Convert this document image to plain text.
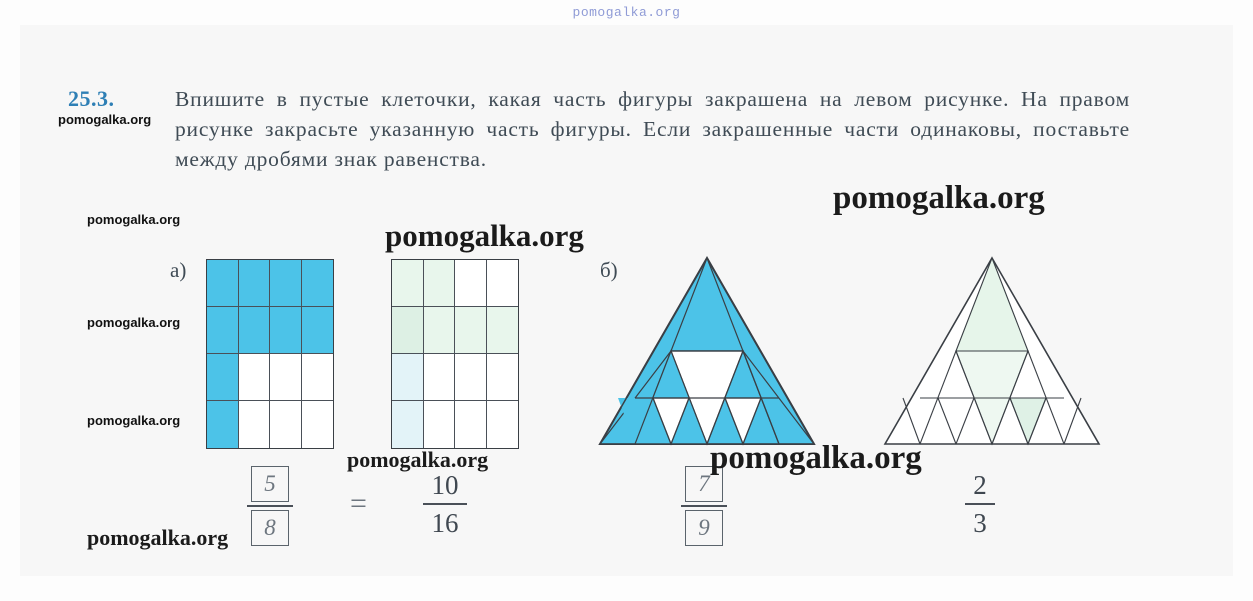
pomogalka.org
25.3.	Впишите в пустые клеточки, какая часть фигуры закрашена на левом рисунке. На правом рисунке закрасьте указанную часть фигуры. Если закрашенные части одинаковы, поставьте между дробями знак равенства.

а)	б)
$\frac{5}{8}$ =
10
16	$\frac{7}{9}$	2
3
pomogalka.org
pomogalka.org
pomogalka.org
pomogalka.org
pomogalka.org
pomogalka.org
pomogalka.org
pomogalka.org
pomogalka.org
